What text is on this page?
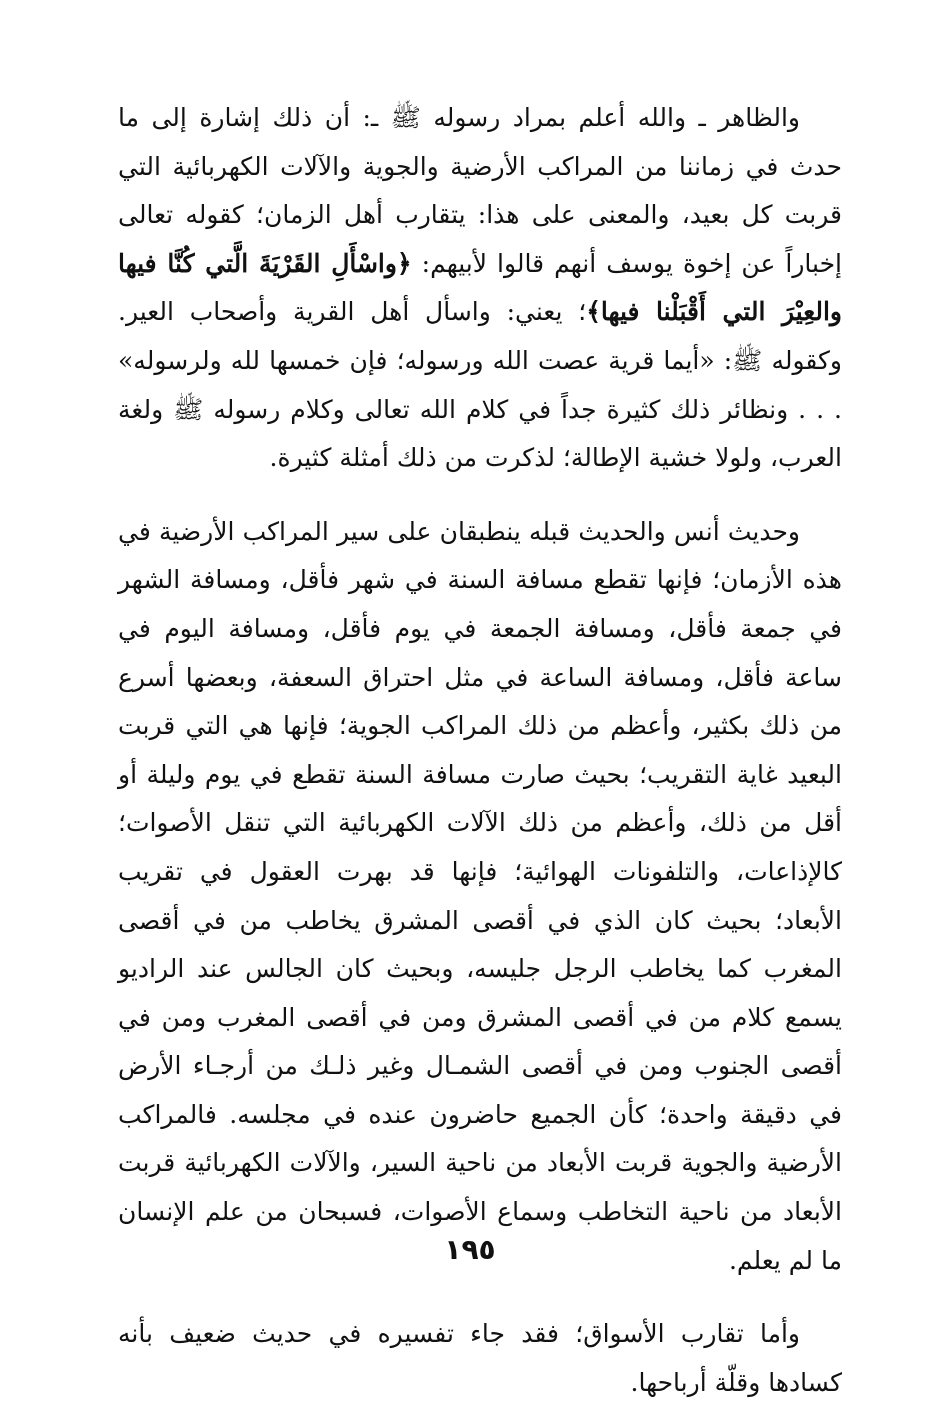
والظاهر ـ والله أعلم بمراد رسوله ﷺ ـ: أن ذلك إشارة إلى ما حدث في زماننا من المراكب الأرضية والجوية والآلات الكهربائية التي قربت كل بعيد، والمعنى على هذا: يتقارب أهل الزمان؛ كقوله تعالى إخباراً عن إخوة يوسف أنهم قالوا لأبيهم: ﴿واسْأَلِ القَرْيَةَ الَّتي كُنَّا فيها والعِيْرَ التي أَقْبَلْنا فيها﴾؛ يعني: واسأل أهل القرية وأصحاب العير. وكقوله ﷺ: «أيما قرية عصت الله ورسوله؛ فإن خمسها لله ولرسوله» . . . ونظائر ذلك كثيرة جداً في كلام الله تعالى وكلام رسوله ﷺ ولغة العرب، ولولا خشية الإطالة؛ لذكرت من ذلك أمثلة كثيرة.

وحديث أنس والحديث قبله ينطبقان على سير المراكب الأرضية في هذه الأزمان؛ فإنها تقطع مسافة السنة في شهر فأقل، ومسافة الشهر في جمعة فأقل، ومسافة الجمعة في يوم فأقل، ومسافة اليوم في ساعة فأقل، ومسافة الساعة في مثل احتراق السعفة، وبعضها أسرع من ذلك بكثير، وأعظم من ذلك المراكب الجوية؛ فإنها هي التي قربت البعيد غاية التقريب؛ بحيث صارت مسافة السنة تقطع في يوم وليلة أو أقل من ذلك، وأعظم من ذلك الآلات الكهربائية التي تنقل الأصوات؛ كالإذاعات، والتلفونات الهوائية؛ فإنها قد بهرت العقول في تقريب الأبعاد؛ بحيث كان الذي في أقصى المشرق يخاطب من في أقصى المغرب كما يخاطب الرجل جليسه، وبحيث كان الجالس عند الراديو يسمع كلام من في أقصى المشرق ومن في أقصى المغرب ومن في أقصى الجنوب ومن في أقصى الشمـال وغير ذلـك من أرجـاء الأرض في دقيقة واحدة؛ كأن الجميع حاضرون عنده في مجلسه. فالمراكب الأرضية والجوية قربت الأبعاد من ناحية السير، والآلات الكهربائية قربت الأبعاد من ناحية التخاطب وسماع الأصوات، فسبحان من علم الإنسان ما لم يعلم.

وأما تقارب الأسواق؛ فقد جاء تفسيره في حديث ضعيف بأنه كسادها وقلّة أرباحها.

١٩٥
